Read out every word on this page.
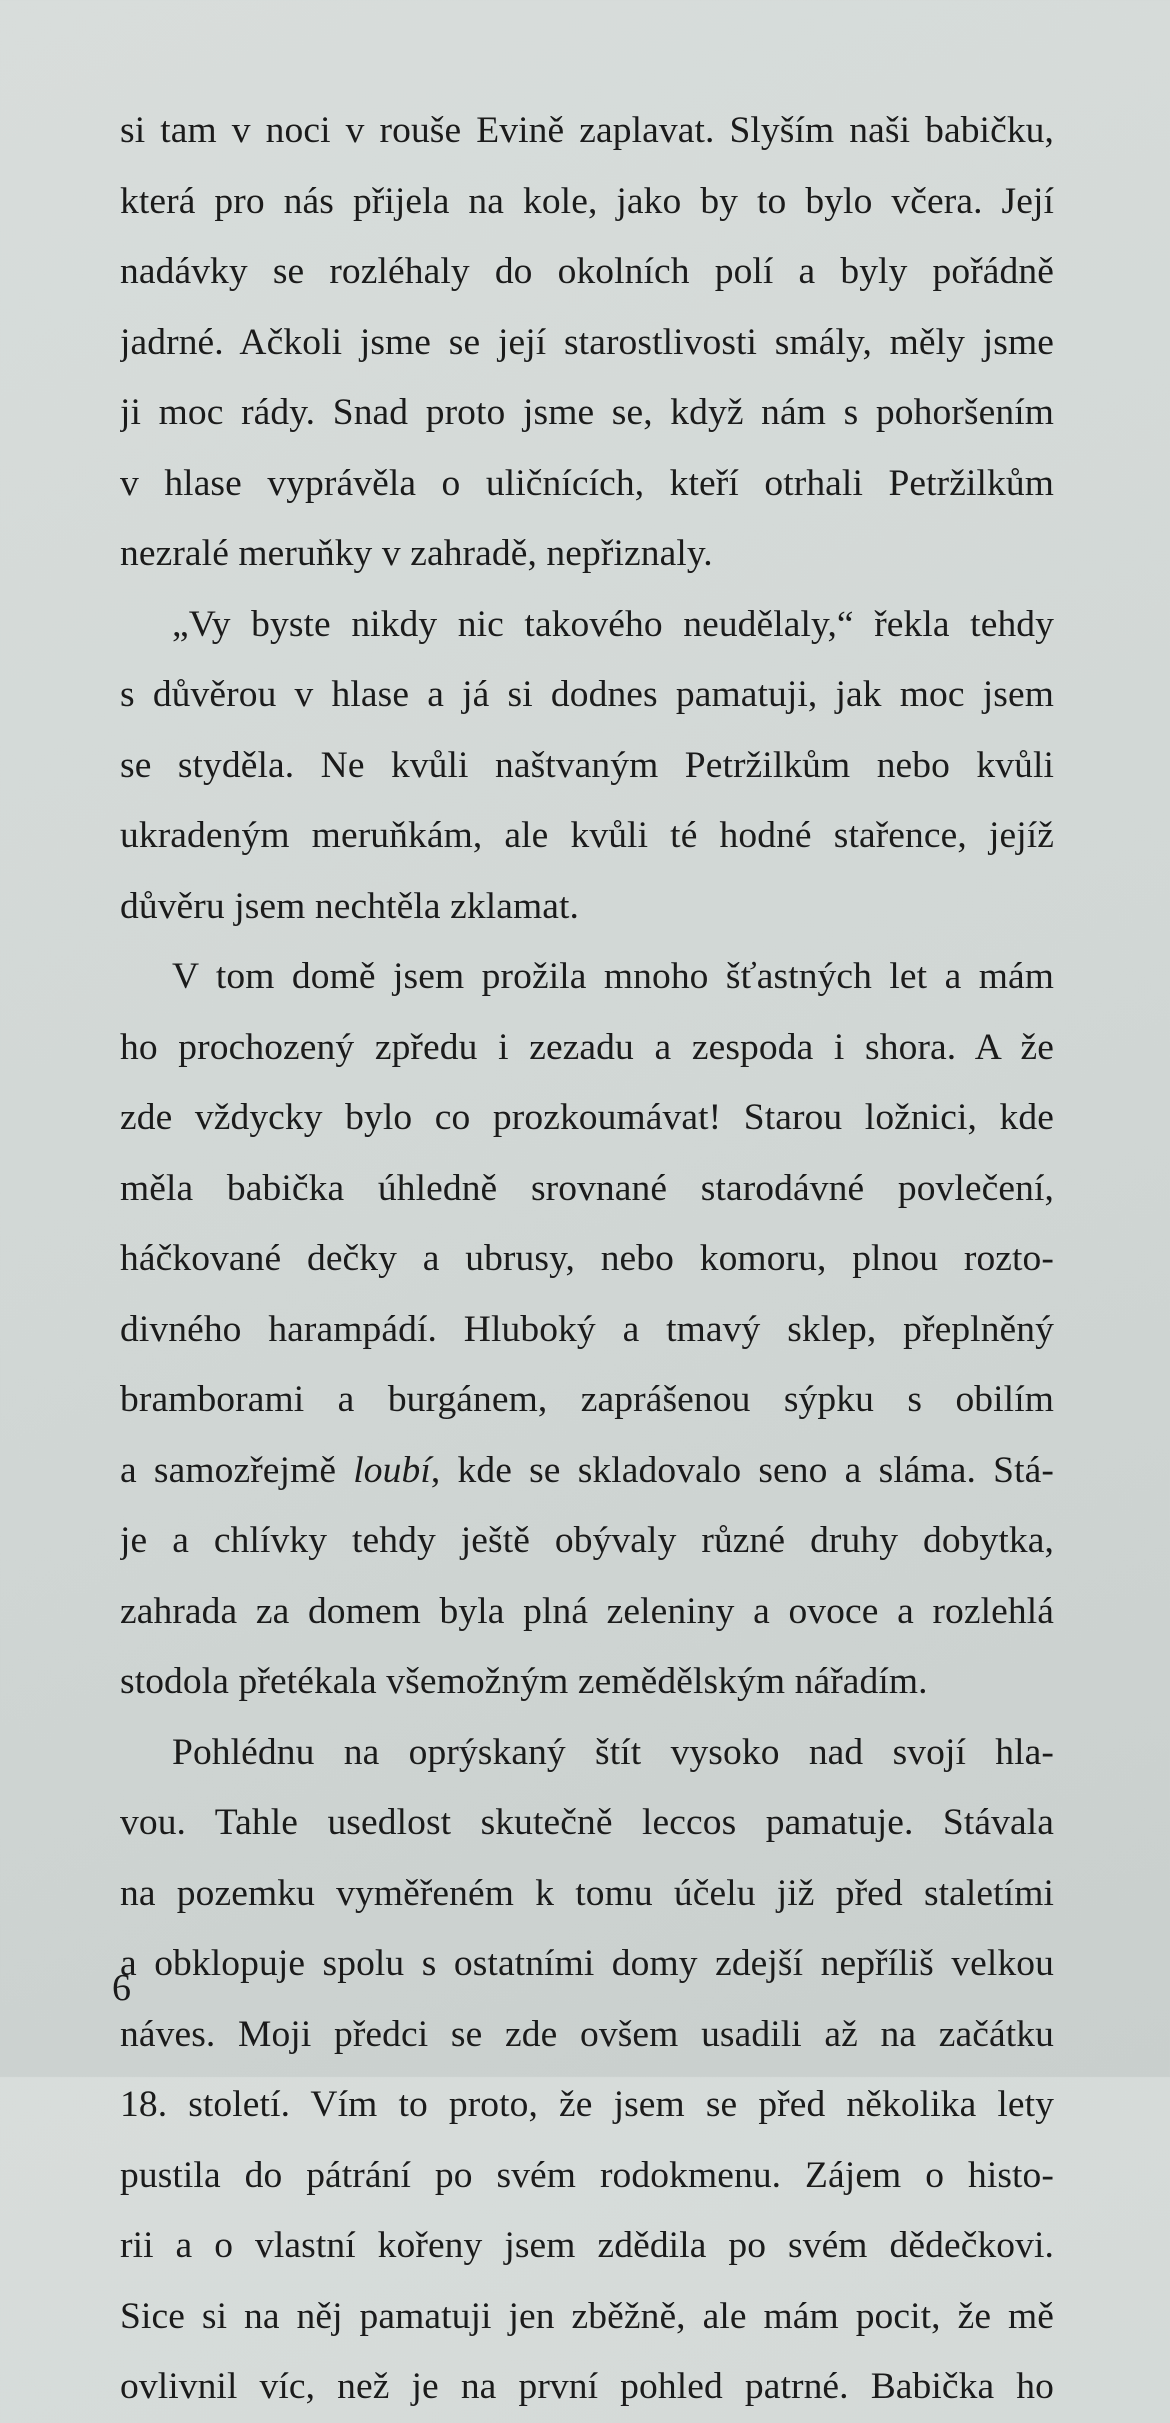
si tam v noci v rouše Evině zaplavat. Slyším naši babičku,
která pro nás přijela na kole, jako by to bylo včera. Její
nadávky se rozléhaly do okolních polí a byly pořádně
jadrné. Ačkoli jsme se její starostlivosti smály, měly jsme
ji moc rády. Snad proto jsme se, když nám s pohoršením
v hlase vyprávěla o uličnících, kteří otrhali Petržilkům
nezralé meruňky v zahradě, nepřiznaly.
„Vy byste nikdy nic takového neudělaly,“ řekla tehdy
s důvěrou v hlase a já si dodnes pamatuji, jak moc jsem
se styděla. Ne kvůli naštvaným Petržilkům nebo kvůli
ukradeným meruňkám, ale kvůli té hodné stařence, jejíž
důvěru jsem nechtěla zklamat.
V tom domě jsem prožila mnoho šťastných let a mám
ho prochozený zpředu i zezadu a zespoda i shora. A že
zde vždycky bylo co prozkoumávat! Starou ložnici, kde
měla babička úhledně srovnané starodávné povlečení,
háčkované dečky a ubrusy, nebo komoru, plnou rozto-
divného harampádí. Hluboký a tmavý sklep, přeplněný
bramborami a burgánem, zaprášenou sýpku s obilím
a samozřejmě loubí, kde se skladovalo seno a sláma. Stá-
je a chlívky tehdy ještě obývaly různé druhy dobytka,
zahrada za domem byla plná zeleniny a ovoce a rozlehlá
stodola přetékala všemožným zemědělským nářadím.
Pohlédnu na oprýskaný štít vysoko nad svojí hla-
vou. Tahle usedlost skutečně leccos pamatuje. Stávala
na pozemku vyměřeném k tomu účelu již před staletími
a obklopuje spolu s ostatními domy zdejší nepříliš velkou
náves. Moji předci se zde ovšem usadili až na začátku
18. století. Vím to proto, že jsem se před několika lety
pustila do pátrání po svém rodokmenu. Zájem o histo-
rii a o vlastní kořeny jsem zdědila po svém dědečkovi.
Sice si na něj pamatuji jen zběžně, ale mám pocit, že mě
ovlivnil víc, než je na první pohled patrné. Babička ho
6
